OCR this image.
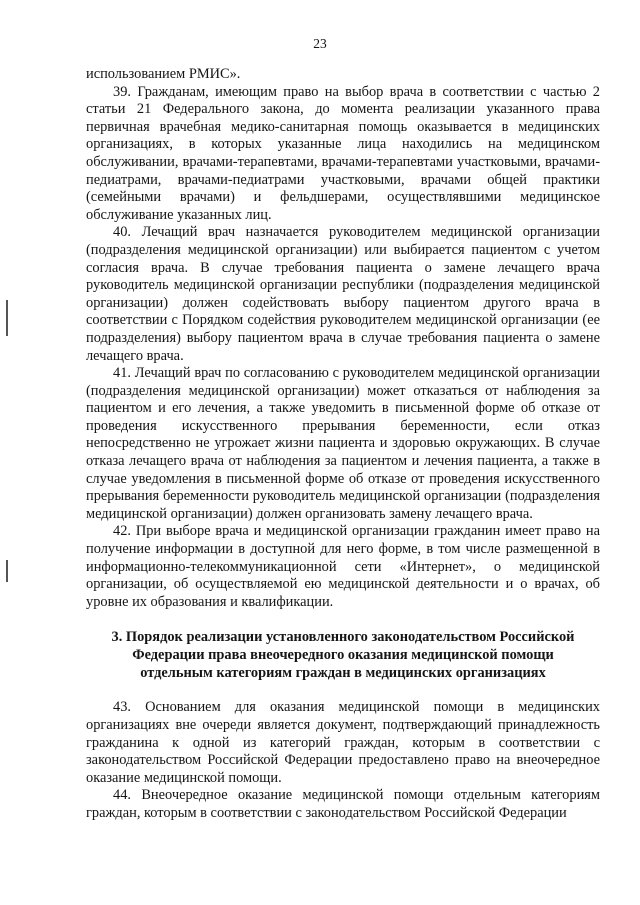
23

использованием РМИС».

39. Гражданам, имеющим право на выбор врача в соответствии с частью 2 статьи 21 Федерального закона, до момента реализации указанного права первичная врачебная медико-санитарная помощь оказывается в медицинских организациях, в которых указанные лица находились на медицинском обслуживании, врачами-терапевтами, врачами-терапевтами участковыми, врачами-педиатрами, врачами-педиатрами участковыми, врачами общей практики (семейными врачами) и фельдшерами, осуществлявшими медицинское обслуживание указанных лиц.

40. Лечащий врач назначается руководителем медицинской организации (подразделения медицинской организации) или выбирается пациентом с учетом согласия врача. В случае требования пациента о замене лечащего врача руководитель медицинской организации республики (подразделения медицинской организации) должен содействовать выбору пациентом другого врача в соответствии с Порядком содействия руководителем медицинской организации (ее подразделения) выбору пациентом врача в случае требования пациента о замене лечащего врача.

41. Лечащий врач по согласованию с руководителем медицинской организации (подразделения медицинской организации) может отказаться от наблюдения за пациентом и его лечения, а также уведомить в письменной форме об отказе от проведения искусственного прерывания беременности, если отказ непосредственно не угрожает жизни пациента и здоровью окружающих. В случае отказа лечащего врача от наблюдения за пациентом и лечения пациента, а также в случае уведомления в письменной форме об отказе от проведения искусственного прерывания беременности руководитель медицинской организации (подразделения медицинской организации) должен организовать замену лечащего врача.

42. При выборе врача и медицинской организации гражданин имеет право на получение информации в доступной для него форме, в том числе размещенной в информационно-телекоммуникационной сети «Интернет», о медицинской организации, об осуществляемой ею медицинской деятельности и о врачах, об уровне их образования и квалификации.

3. Порядок реализации установленного законодательством Российской
Федерации права внеочередного оказания медицинской помощи
отдельным категориям граждан в медицинских организациях

43. Основанием для оказания медицинской помощи в медицинских организациях вне очереди является документ, подтверждающий принадлежность гражданина к одной из категорий граждан, которым в соответствии с законодательством Российской Федерации предоставлено право на внеочередное оказание медицинской помощи.

44. Внеочередное оказание медицинской помощи отдельным категориям граждан, которым в соответствии с законодательством Российской Федерации
